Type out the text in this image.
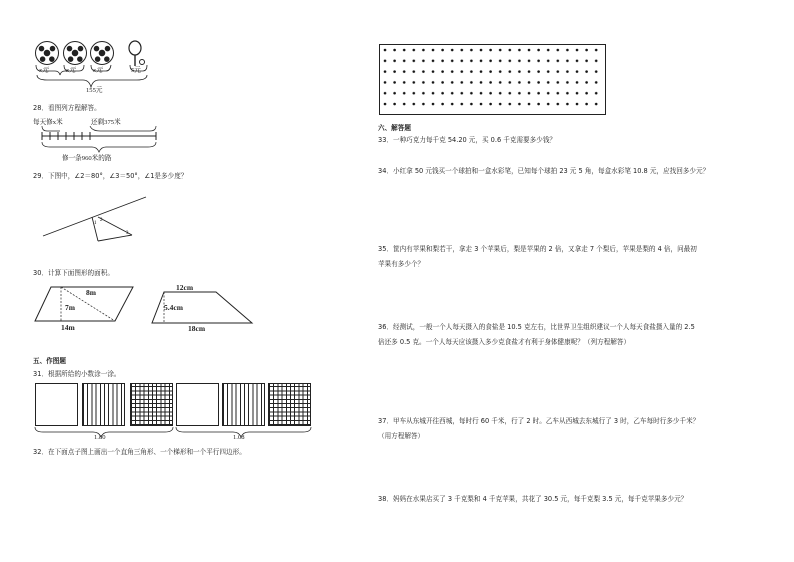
x元	x元	x元	5元
155元
28．看图列方程解答。
每天修x米	还剩375米
修一条960米的路
29．下图中，∠2＝80°，∠3＝50°，∠1是多少度？
1
2
3
30．计算下面图形的面积。
8m
7m
14m
12cm
5.4cm
18cm
五、作图题
31．根据所给的小数涂一涂。
1.80	1.08
32．在下面点子图上画出一个直角三角形、一个梯形和一个平行四边形。
六、解答题
33．一种巧克力每千克 54.20 元，买 0.6 千克需要多少钱？
34．小红拿 50 元钱买一个球拍和一盒水彩笔，已知每个球拍 23 元 5 角，每盒水彩笔 10.8 元，应找回多少元？
35．筐内有苹果和梨若干，拿走 3 个苹果后，梨是苹果的 2 倍，又拿走 7 个梨后，苹果是梨的 4 倍，问最初
苹果有多少个？
36．经测试，一般一个人每天摄入的食盐是 10.5 克左右，比世界卫生组织建议一个人每天食盐摄入量的 2.5
倍还多 0.5 克。一个人每天应该摄入多少克食盐才有利于身体健康呢？（列方程解答）
37．甲车从东城开往西城，每时行 60 千米，行了 2 时。乙车从西城去东城行了 3 时，乙车每时行多少千米？
（用方程解答）
38．妈妈在水果店买了 3 千克梨和 4 千克苹果，共花了 30.5 元，每千克梨 3.5 元，每千克苹果多少元？
